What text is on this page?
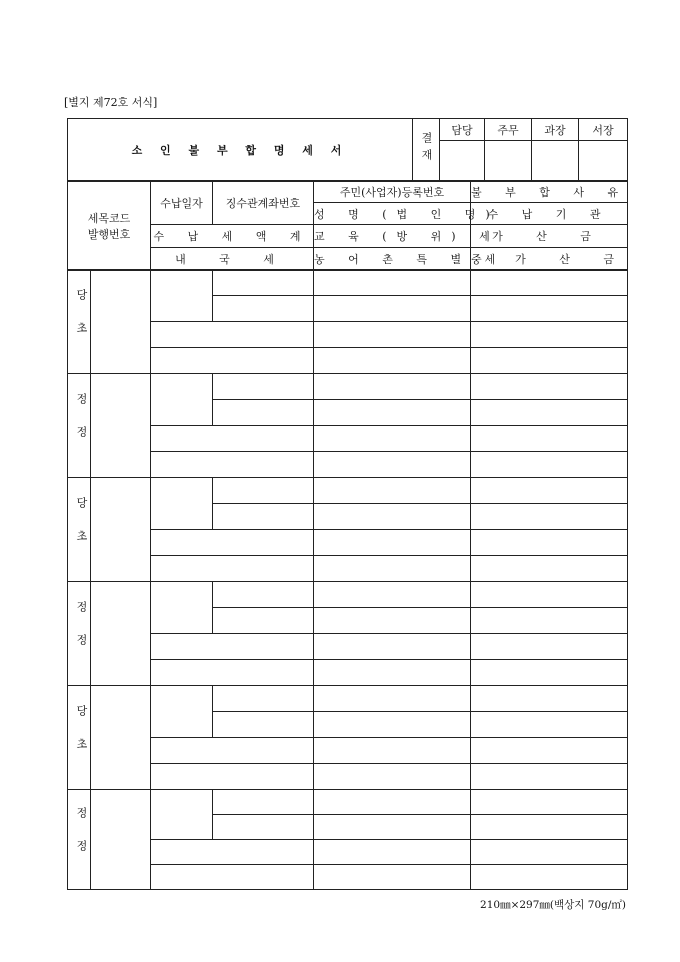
[별지 제72호 서식]
소 인 불 부 합 명 세 서	결재	담당	주무	과장	서장

세목코드
발행번호	수납일자	징수관계좌번호	주민(사업자)등록번호	불 부 합 사 유
			성 명 (법 인 명)	수 납 기 관
	수 납 세 액 계		교 육 (방 위) 세	가 산 금
	내 국 세		농 어 촌 특 별 세	중 가 산 금
당초					

정정					

당초					

정정					

당초					

정정					

210㎜×297㎜(백상지 70g/㎡)
